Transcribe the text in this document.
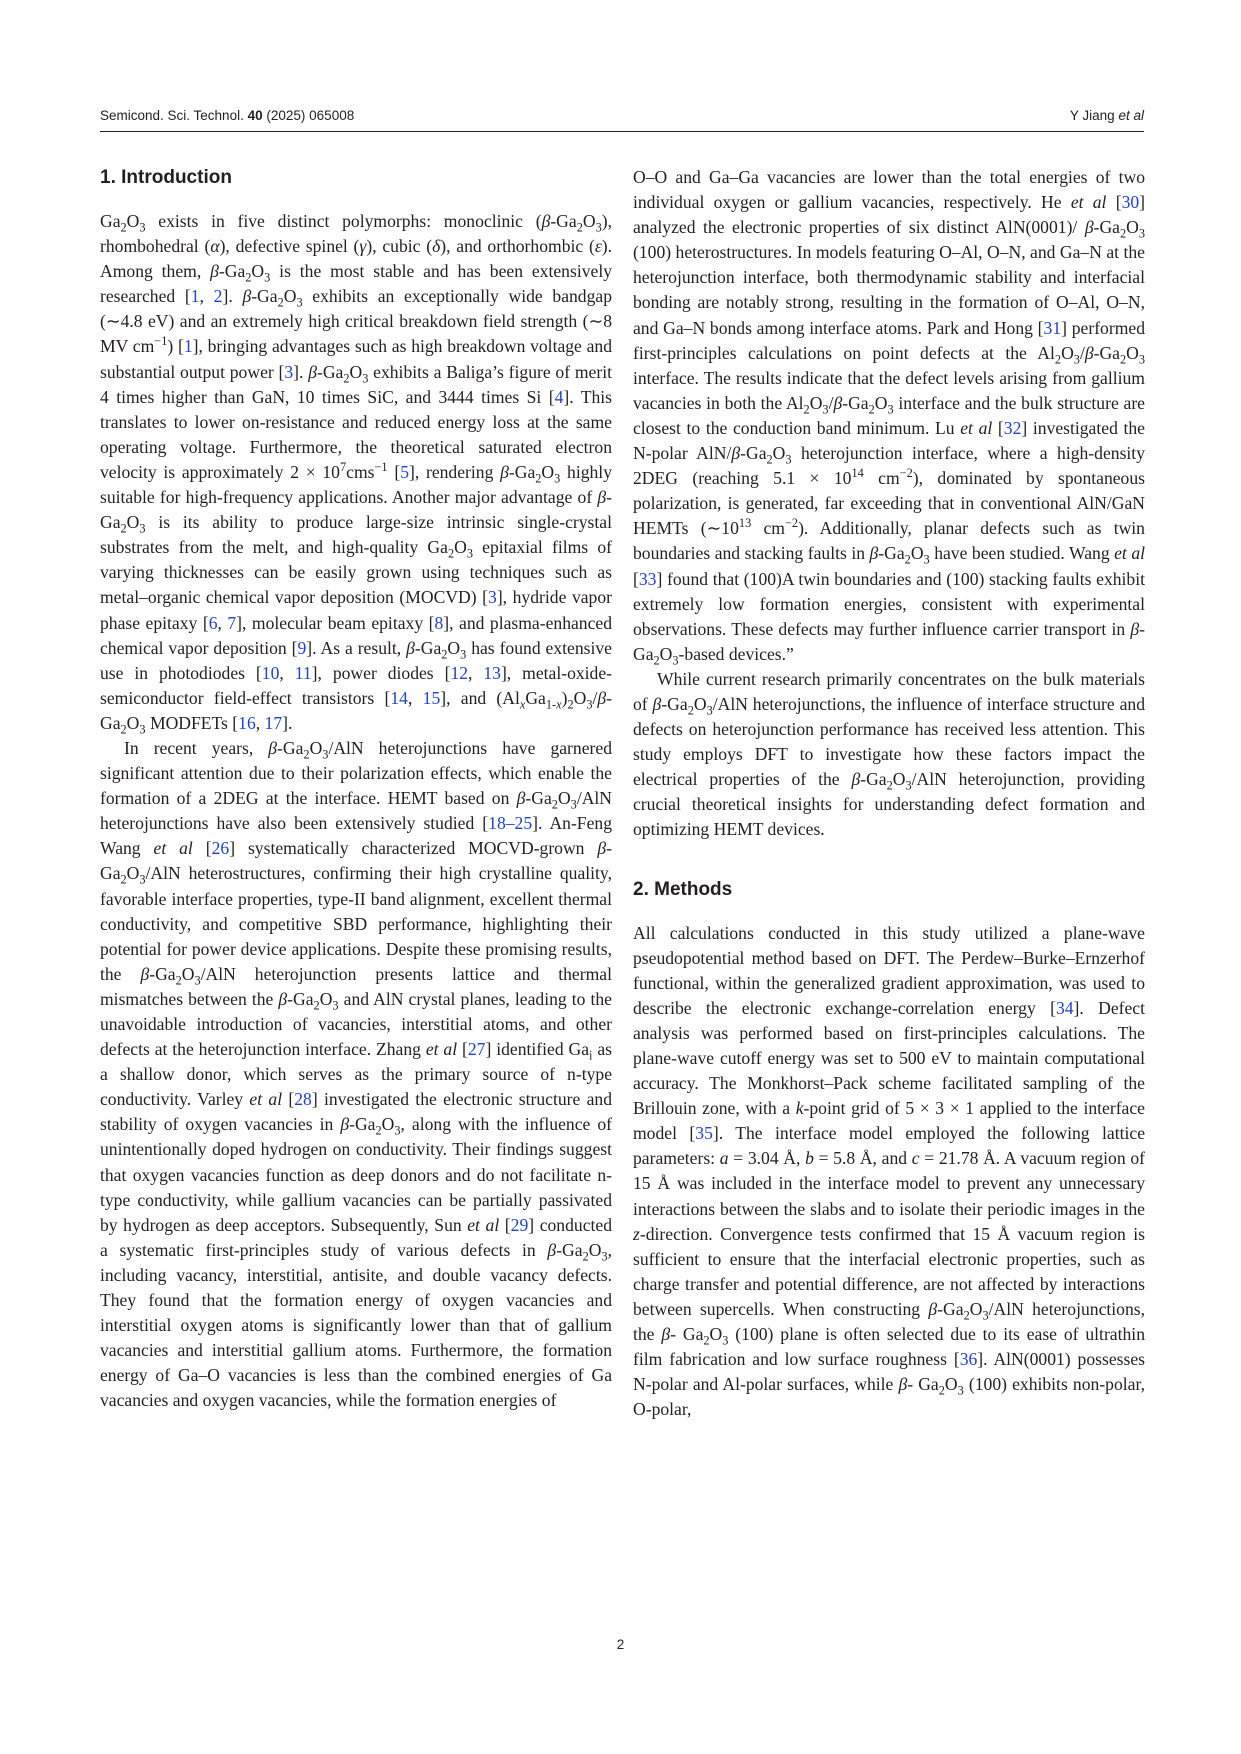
Semicond. Sci. Technol. 40 (2025) 065008	Y Jiang et al
1. Introduction

$Ga_2O_3$ exists in five distinct polymorphs: monoclinic $(\beta-Ga_2O_3)$, rhombohedral (α), defective spinel (γ), cubic (δ), and orthorhombic (ε). Among them, $\beta-Ga_2O_3$ is the most stable and has been extensively researched [1, 2]. $\beta-Ga_2O_3$ exhibits an exceptionally wide bandgap (∼4.8 eV) and an extremely high critical breakdown field strength (∼8 MV $cm^{-1}$) [1], bringing advantages such as high breakdown voltage and substantial output power [3]. $\beta-Ga_2O_3$ exhibits a Baliga’s figure of merit 4 times higher than GaN, 10 times SiC, and 3444 times Si [4]. This translates to lower on-resistance and reduced energy loss at the same operating voltage. Furthermore, the theoretical saturated electron velocity is approximately $2 \times 10^7cms^{-1}$ [5], rendering $\beta-Ga_2O_3$ highly suitable for high-frequency applications. Another major advantage of $\beta-Ga_2O_3$ is its ability to produce large-size intrinsic single-crystal substrates from the melt, and high-quality $Ga_2O_3$ epitaxial films of varying thicknesses can be easily grown using techniques such as metal–organic chemical vapor deposition (MOCVD) [3], hydride vapor phase epitaxy [6, 7], molecular beam epitaxy [8], and plasma-enhanced chemical vapor deposition [9]. As a result, $\beta-Ga_2O_3$ has found extensive use in photodiodes [10, 11], power diodes [12, 13], metal-oxide-semiconductor field-effect transistors [14, 15], and $(Al_xGa_{1-x})_2O_3/\beta-Ga_2O_3$ MODFETs [16, 17].

In recent years, $\beta-Ga_2O_3$/AlN heterojunctions have garnered significant attention due to their polarization effects, which enable the formation of a 2DEG at the interface. HEMT based on $\beta-Ga_2O_3$/AlN heterojunctions have also been extensively studied [18–25]. An-Feng Wang et al [26] systematically characterized MOCVD-grown $\beta-Ga_2O_3$/AlN heterostructures, confirming their high crystalline quality, favorable interface properties, type-II band alignment, excellent thermal conductivity, and competitive SBD performance, highlighting their potential for power device applications. Despite these promising results, the $\beta-Ga_2O_3$/AlN heterojunction presents lattice and thermal mismatches between the $\beta-Ga_2O_3$ and AlN crystal planes, leading to the unavoidable introduction of vacancies, interstitial atoms, and other defects at the heterojunction interface. Zhang et al [27] identified $Ga_i$ as a shallow donor, which serves as the primary source of n-type conductivity. Varley et al [28] investigated the electronic structure and stability of oxygen vacancies in $\beta-Ga_2O_3$, along with the influence of unintentionally doped hydrogen on conductivity. Their findings suggest that oxygen vacancies function as deep donors and do not facilitate n-type conductivity, while gallium vacancies can be partially passivated by hydrogen as deep acceptors. Subsequently, Sun et al [29] conducted a systematic first-principles study of various defects in $\beta-Ga_2O_3$, including vacancy, interstitial, antisite, and double vacancy defects. They found that the formation energy of oxygen vacancies and interstitial oxygen atoms is significantly lower than that of gallium vacancies and interstitial gallium atoms. Furthermore, the formation energy of Ga–O vacancies is less than the combined energies of Ga vacancies and oxygen vacancies, while the formation energies of

O–O and Ga–Ga vacancies are lower than the total energies of two individual oxygen or gallium vacancies, respectively. He et al [30] analyzed the electronic properties of six distinct AlN(0001)/ $\beta-Ga_2O_3$ (100) heterostructures. In models featuring O–Al, O–N, and Ga–N at the heterojunction interface, both thermodynamic stability and interfacial bonding are notably strong, resulting in the formation of O–Al, O–N, and Ga–N bonds among interface atoms. Park and Hong [31] performed first-principles calculations on point defects at the $Al_2O_3/\beta-Ga_2O_3$ interface. The results indicate that the defect levels arising from gallium vacancies in both the $Al_2O_3/\beta-Ga_2O_3$ interface and the bulk structure are closest to the conduction band minimum. Lu et al [32] investigated the N-polar AlN/$\beta-Ga_2O_3$ heterojunction interface, where a high-density 2DEG (reaching $5.1 \times 10^{14}$ $cm^{-2}$), dominated by spontaneous polarization, is generated, far exceeding that in conventional AlN/GaN HEMTs ($\sim 10^{13}$ $cm^{-2}$). Additionally, planar defects such as twin boundaries and stacking faults in $\beta-Ga_2O_3$ have been studied. Wang et al [33] found that (100)A twin boundaries and (100) stacking faults exhibit extremely low formation energies, consistent with experimental observations. These defects may further influence carrier transport in $\beta-Ga_2O_3$-based devices.”

While current research primarily concentrates on the bulk materials of $\beta-Ga_2O_3$/AlN heterojunctions, the influence of interface structure and defects on heterojunction performance has received less attention. This study employs DFT to investigate how these factors impact the electrical properties of the $\beta-Ga_2O_3$/AlN heterojunction, providing crucial theoretical insights for understanding defect formation and optimizing HEMT devices.

2. Methods

All calculations conducted in this study utilized a plane-wave pseudopotential method based on DFT. The Perdew–Burke–Ernzerhof functional, within the generalized gradient approximation, was used to describe the electronic exchange-correlation energy [34]. Defect analysis was performed based on first-principles calculations. The plane-wave cutoff energy was set to 500 eV to maintain computational accuracy. The Monkhorst–Pack scheme facilitated sampling of the Brillouin zone, with a k-point grid of 5 × 3 × 1 applied to the interface model [35]. The interface model employed the following lattice parameters: a = 3.04 Å, b = 5.8 Å, and c = 21.78 Å. A vacuum region of 15 Å was included in the interface model to prevent any unnecessary interactions between the slabs and to isolate their periodic images in the z-direction. Convergence tests confirmed that 15 Å vacuum region is sufficient to ensure that the interfacial electronic properties, such as charge transfer and potential difference, are not affected by interactions between supercells. When constructing $\beta-Ga_2O_3$/AlN heterojunctions, the β- $Ga_2O_3$ (100) plane is often selected due to its ease of ultrathin film fabrication and low surface roughness [36]. AlN(0001) possesses N-polar and Al-polar surfaces, while β- $Ga_2O_3$ (100) exhibits non-polar, O-polar,

2
